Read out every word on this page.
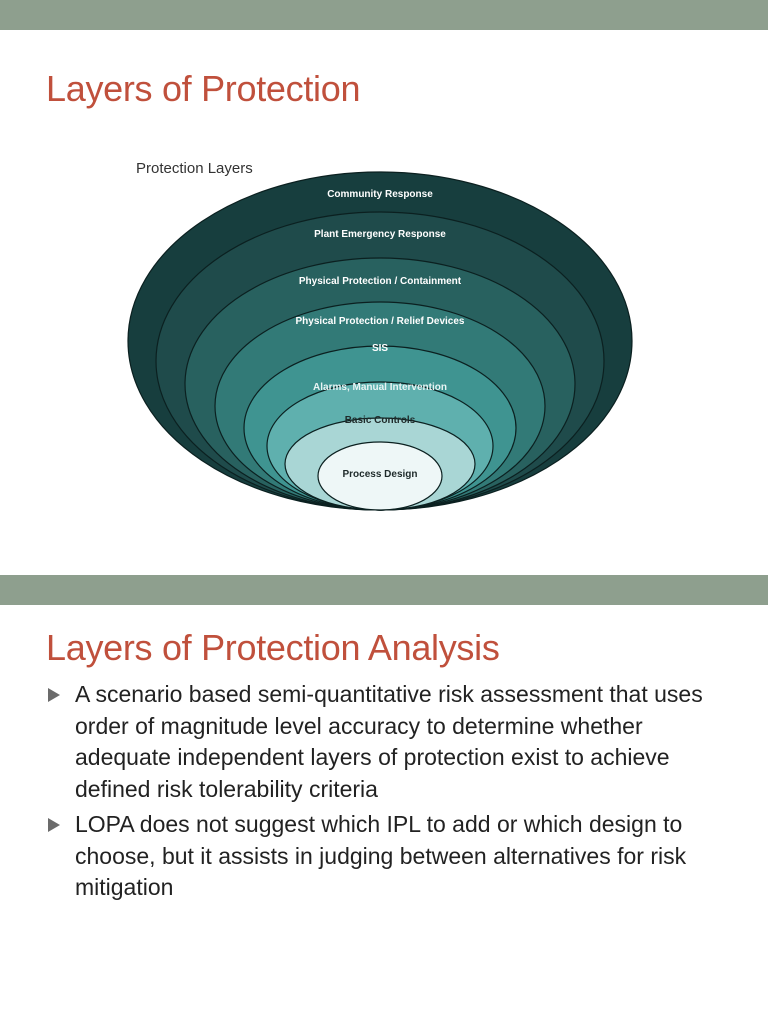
Layers of Protection
Protection Layers
Community Response
Plant Emergency Response
Physical Protection / Containment
Physical Protection / Relief Devices
SIS
Alarms, Manual Intervention
Basic Controls
Process Design
Layers of Protection Analysis
A scenario based semi-quantitative risk assessment that uses order of magnitude level accuracy to determine whether adequate independent layers of protection exist to achieve defined risk tolerability criteria
LOPA does not suggest which IPL to add or which design to choose, but it assists in judging between alternatives for risk mitigation
